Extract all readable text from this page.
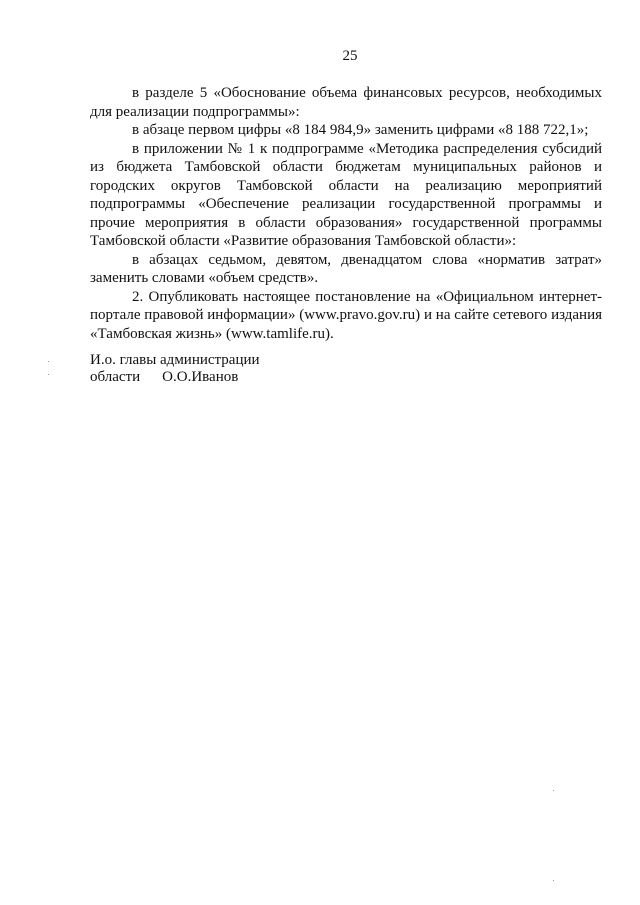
25

в разделе 5 «Обоснование объема финансовых ресурсов, необходимых для реализации подпрограммы»:

в абзаце первом цифры «8 184 984,9» заменить цифрами «8 188 722,1»;

в приложении № 1 к подпрограмме «Методика распределения субсидий из бюджета Тамбовской области бюджетам муниципальных районов и городских округов Тамбовской области на реализацию мероприятий подпрограммы «Обеспечение реализации государственной программы и прочие мероприятия в области образования» государственной программы Тамбовской области «Развитие образования Тамбовской области»:

в абзацах седьмом, девятом, двенадцатом слова «норматив затрат» заменить словами «объем средств».

2. Опубликовать настоящее постановление на «Официальном интернет-портале правовой информации» (www.pravo.gov.ru) и на сайте сетевого издания «Тамбовская жизнь» (www.tamlife.ru).

И.о. главы администрации
области О.О.Иванов
